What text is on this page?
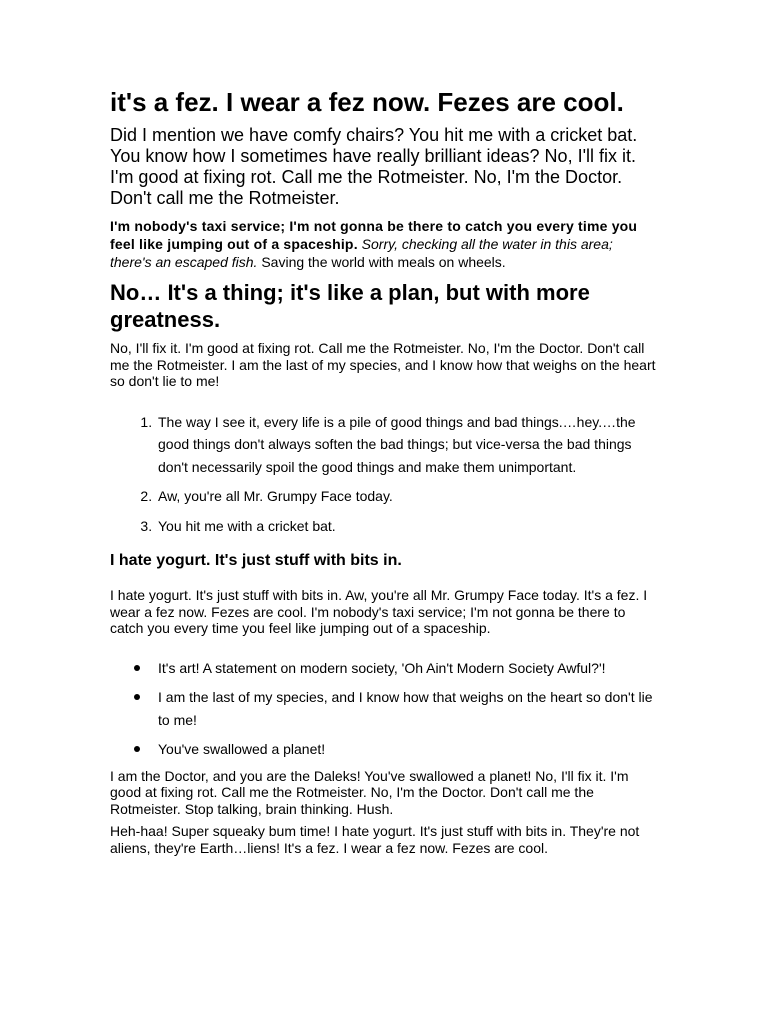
it's a fez. I wear a fez now. Fezes are cool.

Did I mention we have comfy chairs? You hit me with a cricket bat. You know how I sometimes have really brilliant ideas? No, I'll fix it. I'm good at fixing rot. Call me the Rotmeister. No, I'm the Doctor. Don't call me the Rotmeister.

I'm nobody's taxi service; I'm not gonna be there to catch you every time you feel like jumping out of a spaceship. Sorry, checking all the water in this area; there's an escaped fish. Saving the world with meals on wheels.

No… It's a thing; it's like a plan, but with more greatness.

No, I'll fix it. I'm good at fixing rot. Call me the Rotmeister. No, I'm the Doctor. Don't call me the Rotmeister. I am the last of my species, and I know how that weighs on the heart so don't lie to me!

1. The way I see it, every life is a pile of good things and bad things.…hey.…the good things don't always soften the bad things; but vice-versa the bad things don't necessarily spoil the good things and make them unimportant.
2. Aw, you're all Mr. Grumpy Face today.
3. You hit me with a cricket bat.
I hate yogurt. It's just stuff with bits in.

I hate yogurt. It's just stuff with bits in. Aw, you're all Mr. Grumpy Face today. It's a fez. I wear a fez now. Fezes are cool. I'm nobody's taxi service; I'm not gonna be there to catch you every time you feel like jumping out of a spaceship.

It's art! A statement on modern society, 'Oh Ain't Modern Society Awful?'!
I am the last of my species, and I know how that weighs on the heart so don't lie to me!
You've swallowed a planet!

I am the Doctor, and you are the Daleks! You've swallowed a planet! No, I'll fix it. I'm good at fixing rot. Call me the Rotmeister. No, I'm the Doctor. Don't call me the Rotmeister. Stop talking, brain thinking. Hush.

Heh-haa! Super squeaky bum time! I hate yogurt. It's just stuff with bits in. They're not aliens, they're Earth…liens! It's a fez. I wear a fez now. Fezes are cool.
